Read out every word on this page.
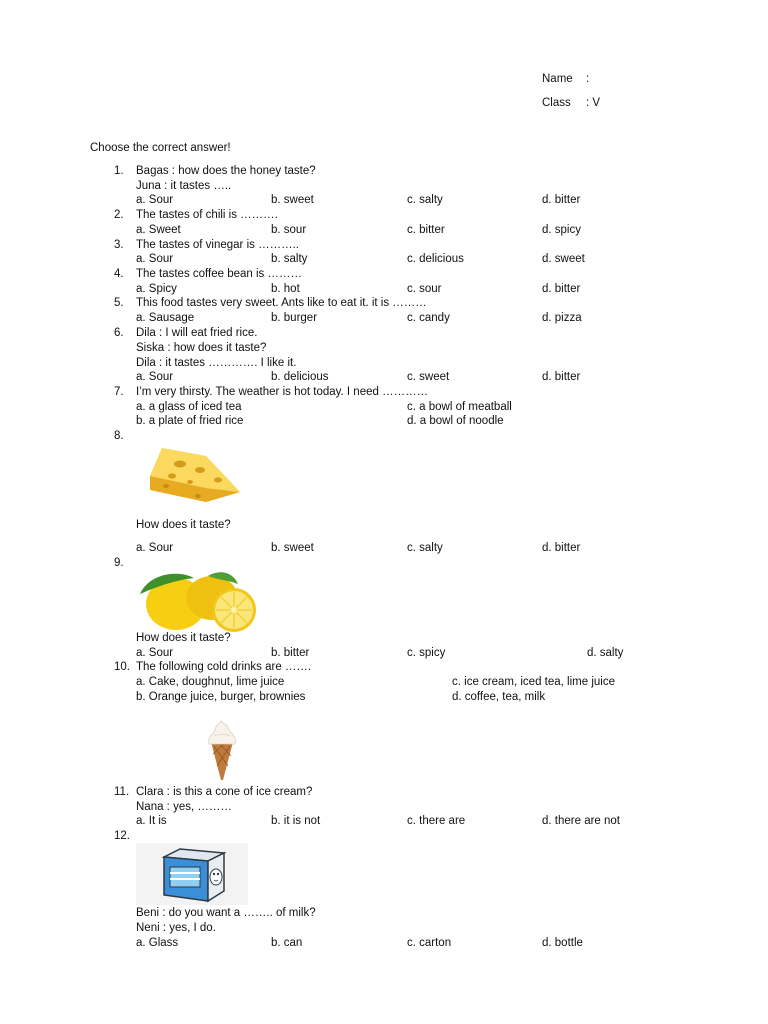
Name :
Class : V
Choose the correct answer!
1. Bagas : how does the honey taste?
Juna : it tastes …..
a. Sour	b. sweet	c. salty	d. bitter
2. The tastes of chili is ……….
a. Sweet	b. sour	c. bitter	d. spicy
3. The tastes of vinegar is ………..
a. Sour	b. salty	c. delicious	d. sweet
4. The tastes coffee bean is ………
a. Spicy	b. hot	c. sour	d. bitter
5. This food tastes very sweet. Ants like to eat it. it is ………
a. Sausage	b. burger	c. candy	d. pizza
6. Dila : I will eat fried rice.
Siska : how does it taste?
Dila : it tastes …………. I like it.
a. Sour	b. delicious	c. sweet	d. bitter
7. I’m very thirsty. The weather is hot today. I need …………
a. a glass of iced tea	c. a bowl of meatball
b. a plate of fried rice	d. a bowl of noodle
8.
How does it taste?
a. Sour	b. sweet	c. salty	d. bitter
9.
How does it taste?
a. Sour	b. bitter	c. spicy	d. salty
10. The following cold drinks are …….
a. Cake, doughnut, lime juice	c. ice cream, iced tea, lime juice
b. Orange juice, burger, brownies	d. coffee, tea, milk
11. Clara : is this a cone of ice cream?
Nana : yes, ………
a. It is	b. it is not	c. there are	d. there are not
12.
Beni : do you want a …….. of milk?
Neni : yes, I do.
a. Glass	b. can	c. carton	d. bottle
